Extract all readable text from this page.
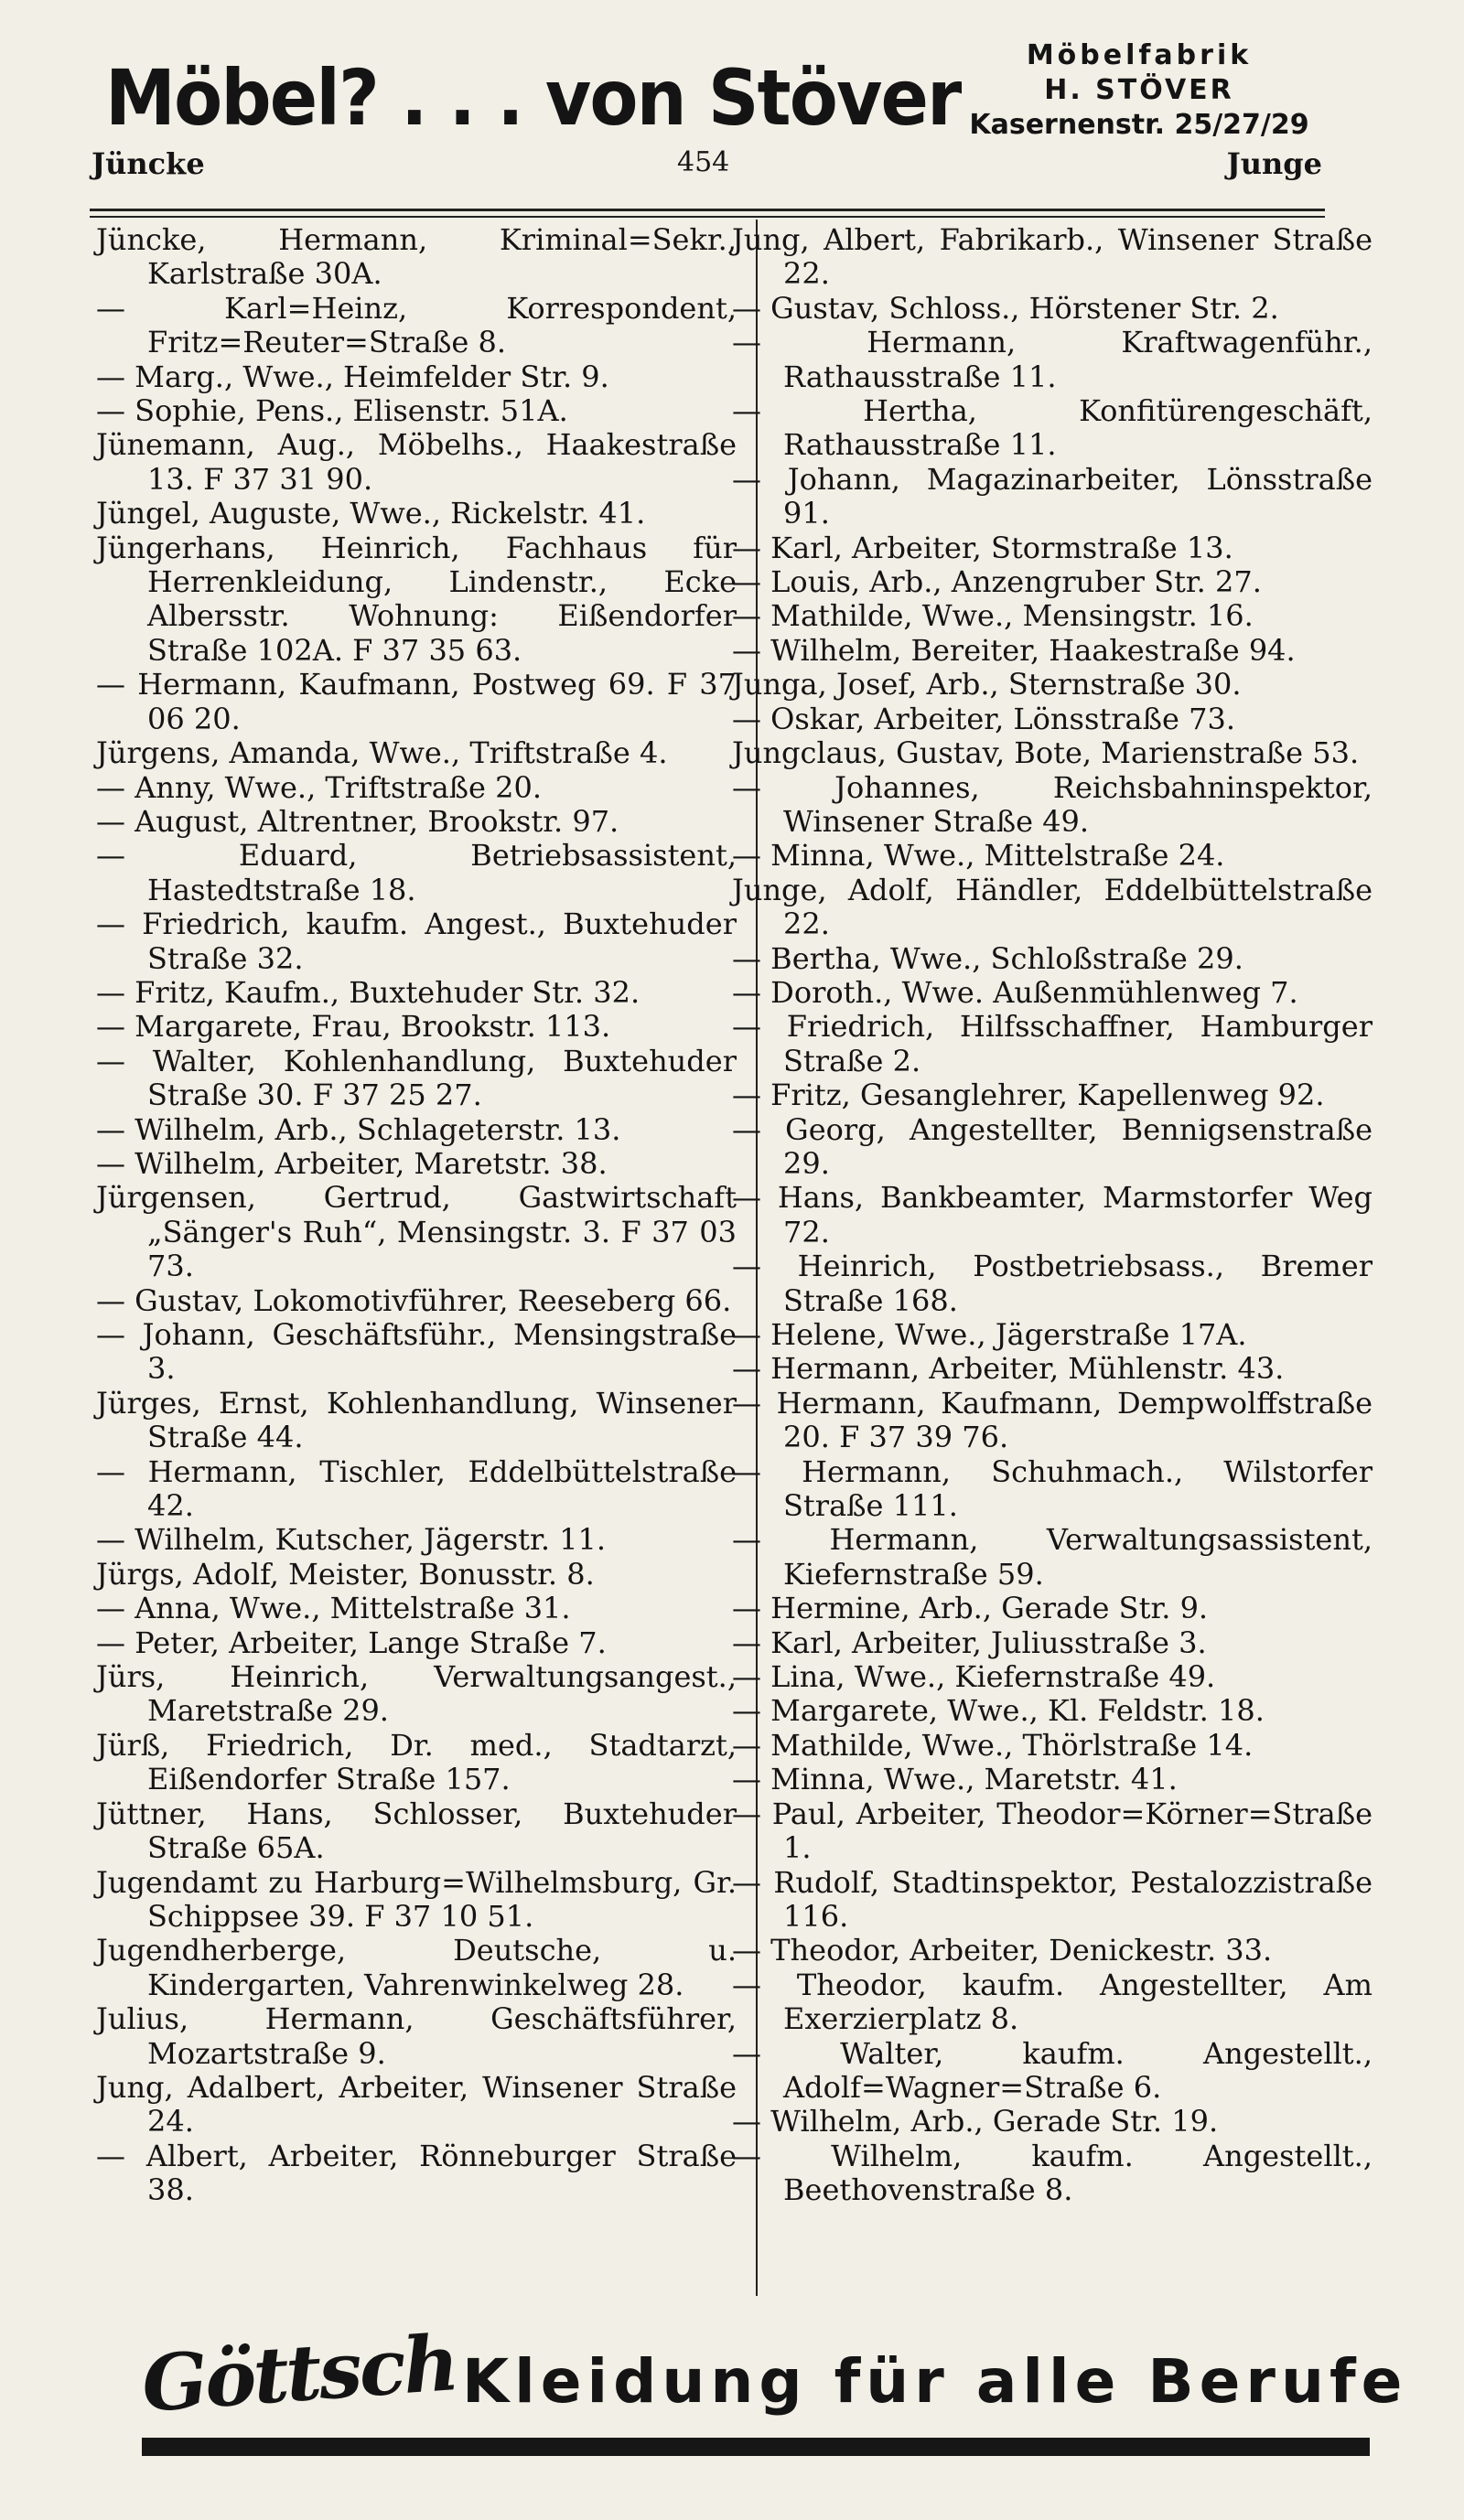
Möbel? . . . von Stöver	Möbelfabrik
H. STÖVER
Kasernenstr. 25/27/29
Jüncke	454	Junge
Jüncke, Hermann, Kriminal=Sekr., Karlstraße 30A.
— Karl=Heinz, Korrespondent, Fritz=Reuter=Straße 8.
— Marg., Wwe., Heimfelder Str. 9.
— Sophie, Pens., Elisenstr. 51A.
Jünemann, Aug., Möbelhs., Haakestraße 13. F 37 31 90.
Jüngel, Auguste, Wwe., Rickelstr. 41.
Jüngerhans, Heinrich, Fachhaus für Herrenkleidung, Lindenstr., Ecke Albersstr. Wohnung: Eißendorfer Straße 102A. F 37 35 63.
— Hermann, Kaufmann, Postweg 69. F 37 06 20.
Jürgens, Amanda, Wwe., Triftstraße 4.
— Anny, Wwe., Triftstraße 20.
— August, Altrentner, Brookstr. 97.
— Eduard, Betriebsassistent, Hastedtstraße 18.
— Friedrich, kaufm. Angest., Buxtehuder Straße 32.
— Fritz, Kaufm., Buxtehuder Str. 32.
— Margarete, Frau, Brookstr. 113.
— Walter, Kohlenhandlung, Buxtehuder Straße 30. F 37 25 27.
— Wilhelm, Arb., Schlageterstr. 13.
— Wilhelm, Arbeiter, Maretstr. 38.
Jürgensen, Gertrud, Gastwirtschaft „Sänger's Ruh“, Mensingstr. 3. F 37 03 73.
— Gustav, Lokomotivführer, Reeseberg 66.
— Johann, Geschäftsführ., Mensingstraße 3.
Jürges, Ernst, Kohlenhandlung, Winsener Straße 44.
— Hermann, Tischler, Eddelbüttelstraße 42.
— Wilhelm, Kutscher, Jägerstr. 11.
Jürgs, Adolf, Meister, Bonusstr. 8.
— Anna, Wwe., Mittelstraße 31.
— Peter, Arbeiter, Lange Straße 7.
Jürs, Heinrich, Verwaltungsangest., Maretstraße 29.
Jürß, Friedrich, Dr. med., Stadtarzt, Eißendorfer Straße 157.
Jüttner, Hans, Schlosser, Buxtehuder Straße 65A.
Jugendamt zu Harburg=Wilhelmsburg, Gr. Schippsee 39. F 37 10 51.
Jugendherberge, Deutsche, u. Kindergarten, Vahrenwinkelweg 28.
Julius, Hermann, Geschäftsführer, Mozartstraße 9.
Jung, Adalbert, Arbeiter, Winsener Straße 24.
— Albert, Arbeiter, Rönneburger Straße 38.
Jung, Albert, Fabrikarb., Winsener Straße 22.
— Gustav, Schloss., Hörstener Str. 2.
— Hermann, Kraftwagenführ., Rathausstraße 11.
— Hertha, Konfitürengeschäft, Rathausstraße 11.
— Johann, Magazinarbeiter, Lönsstraße 91.
— Karl, Arbeiter, Stormstraße 13.
— Louis, Arb., Anzengruber Str. 27.
— Mathilde, Wwe., Mensingstr. 16.
— Wilhelm, Bereiter, Haakestraße 94.
Junga, Josef, Arb., Sternstraße 30.
— Oskar, Arbeiter, Lönsstraße 73.
Jungclaus, Gustav, Bote, Marienstraße 53.
— Johannes, Reichsbahninspektor, Winsener Straße 49.
— Minna, Wwe., Mittelstraße 24.
Junge, Adolf, Händler, Eddelbüttelstraße 22.
— Bertha, Wwe., Schloßstraße 29.
— Doroth., Wwe. Außenmühlenweg 7.
— Friedrich, Hilfsschaffner, Hamburger Straße 2.
— Fritz, Gesanglehrer, Kapellenweg 92.
— Georg, Angestellter, Bennigsenstraße 29.
— Hans, Bankbeamter, Marmstorfer Weg 72.
— Heinrich, Postbetriebsass., Bremer Straße 168.
— Helene, Wwe., Jägerstraße 17A.
— Hermann, Arbeiter, Mühlenstr. 43.
— Hermann, Kaufmann, Dempwolffstraße 20. F 37 39 76.
— Hermann, Schuhmach., Wilstorfer Straße 111.
— Hermann, Verwaltungsassistent, Kiefernstraße 59.
— Hermine, Arb., Gerade Str. 9.
— Karl, Arbeiter, Juliusstraße 3.
— Lina, Wwe., Kiefernstraße 49.
— Margarete, Wwe., Kl. Feldstr. 18.
— Mathilde, Wwe., Thörlstraße 14.
— Minna, Wwe., Maretstr. 41.
— Paul, Arbeiter, Theodor=Körner=Straße 1.
— Rudolf, Stadtinspektor, Pestalozzistraße 116.
— Theodor, Arbeiter, Denickestr. 33.
— Theodor, kaufm. Angestellter, Am Exerzierplatz 8.
— Walter, kaufm. Angestellt., Adolf=Wagner=Straße 6.
— Wilhelm, Arb., Gerade Str. 19.
— Wilhelm, kaufm. Angestellt., Beethovenstraße 8.
Göttsch Kleidung für alle Berufe
